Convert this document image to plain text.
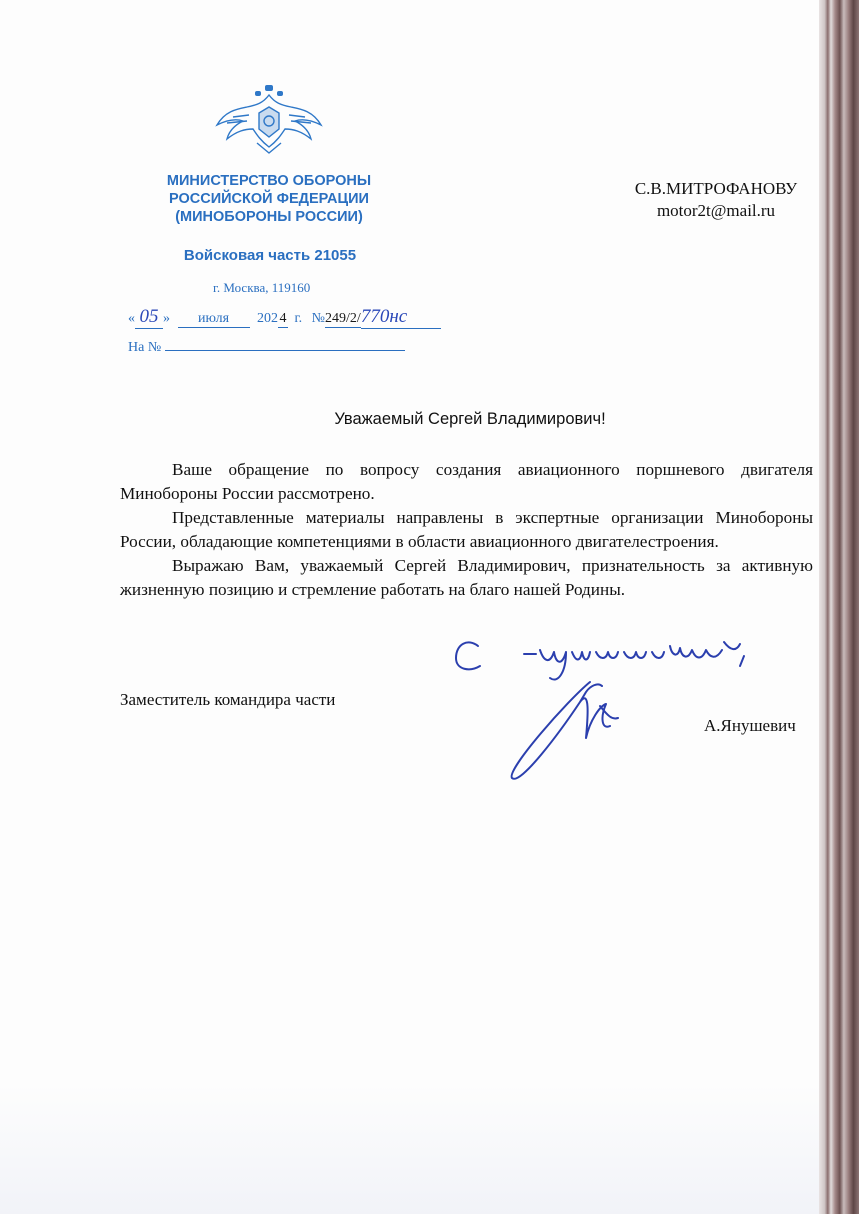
МИНИСТЕРСТВО ОБОРОНЫ
РОССИЙСКОЙ ФЕДЕРАЦИИ
(МИНОБОРОНЫ РОССИИ)
Войсковая часть 21055
г. Москва, 119160
« 05 » июля 202 4 г. №249/2/770нс
На №
С.В.МИТРОФАНОВУ
motor2t@mail.ru
Уважаемый Сергей Владимирович!

Ваше обращение по вопросу создания авиационного поршневого двигателя Минобороны России рассмотрено.

Представленные материалы направлены в экспертные организации Минобороны России, обладающие компетенциями в области авиационного двигателестроения.

Выражаю Вам, уважаемый Сергей Владимирович, признательность за активную жизненную позицию и стремление работать на благо нашей Родины.

Заместитель командира части
А.Янушевич
